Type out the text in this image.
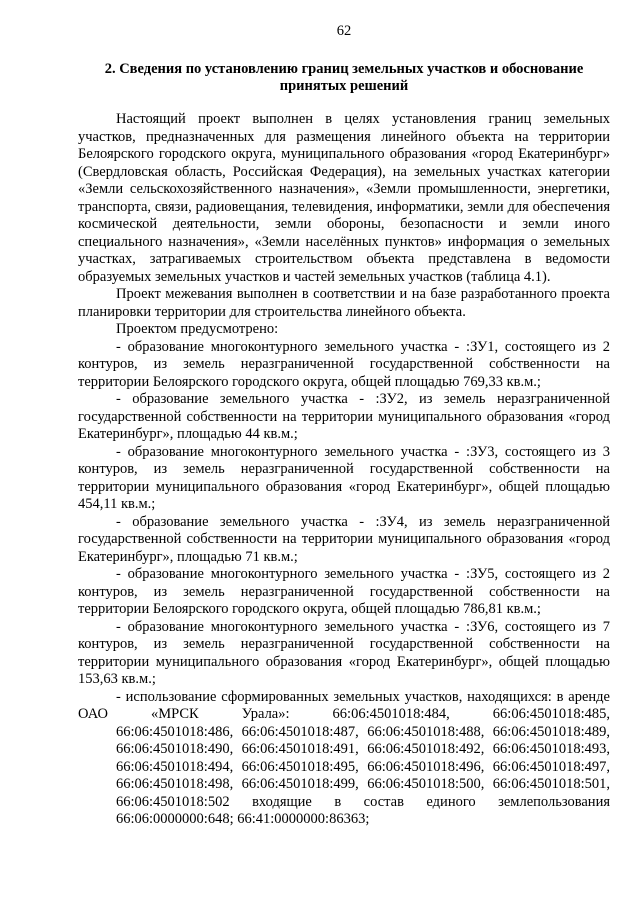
62
2. Сведения по установлению границ земельных участков и обоснование принятых решений

Настоящий проект выполнен в целях установления границ земельных участков, предназначенных для размещения линейного объекта на территории Белоярского городского округа, муниципального образования «город Екатеринбург» (Свердловская область, Российская Федерация), на земельных участках категории «Земли сельскохозяйственного назначения», «Земли промышленности, энергетики, транспорта, связи, радиовещания, телевидения, информатики, земли для обеспечения космической деятельности, земли обороны, безопасности и земли иного специального назначения», «Земли населённых пунктов» информация о земельных участках, затрагиваемых строительством объекта представлена в ведомости образуемых земельных участков и частей земельных участков (таблица 4.1).

Проект межевания выполнен в соответствии и на базе разработанного проекта планировки территории для строительства линейного объекта.

Проектом предусмотрено:

- образование многоконтурного земельного участка - :ЗУ1, состоящего из 2 контуров, из земель неразграниченной государственной собственности на территории Белоярского городского округа, общей площадью 769,33 кв.м.;

- образование земельного участка - :ЗУ2, из земель неразграниченной государственной собственности на территории муниципального образования «город Екатеринбург», площадью 44 кв.м.;

- образование многоконтурного земельного участка - :ЗУ3, состоящего из 3 контуров, из земель неразграниченной государственной собственности на территории муниципального образования «город Екатеринбург», общей площадью 454,11 кв.м.;

- образование земельного участка - :ЗУ4, из земель неразграниченной государственной собственности на территории муниципального образования «город Екатеринбург», площадью 71 кв.м.;

- образование многоконтурного земельного участка - :ЗУ5, состоящего из 2 контуров, из земель неразграниченной государственной собственности на территории Белоярского городского округа, общей площадью 786,81 кв.м.;

- образование многоконтурного земельного участка - :ЗУ6, состоящего из 7 контуров, из земель неразграниченной государственной собственности на территории муниципального образования «город Екатеринбург», общей площадью 153,63 кв.м.;

- использование сформированных земельных участков, находящихся: в аренде ОАО «МРСК Урала»: 66:06:4501018:484, 66:06:4501018:485,

66:06:4501018:486, 66:06:4501018:487, 66:06:4501018:488, 66:06:4501018:489,

66:06:4501018:490, 66:06:4501018:491, 66:06:4501018:492, 66:06:4501018:493,

66:06:4501018:494, 66:06:4501018:495, 66:06:4501018:496, 66:06:4501018:497,

66:06:4501018:498, 66:06:4501018:499, 66:06:4501018:500, 66:06:4501018:501,

66:06:4501018:502 входящие в состав единого землепользования

66:06:0000000:648; 66:41:0000000:86363;
